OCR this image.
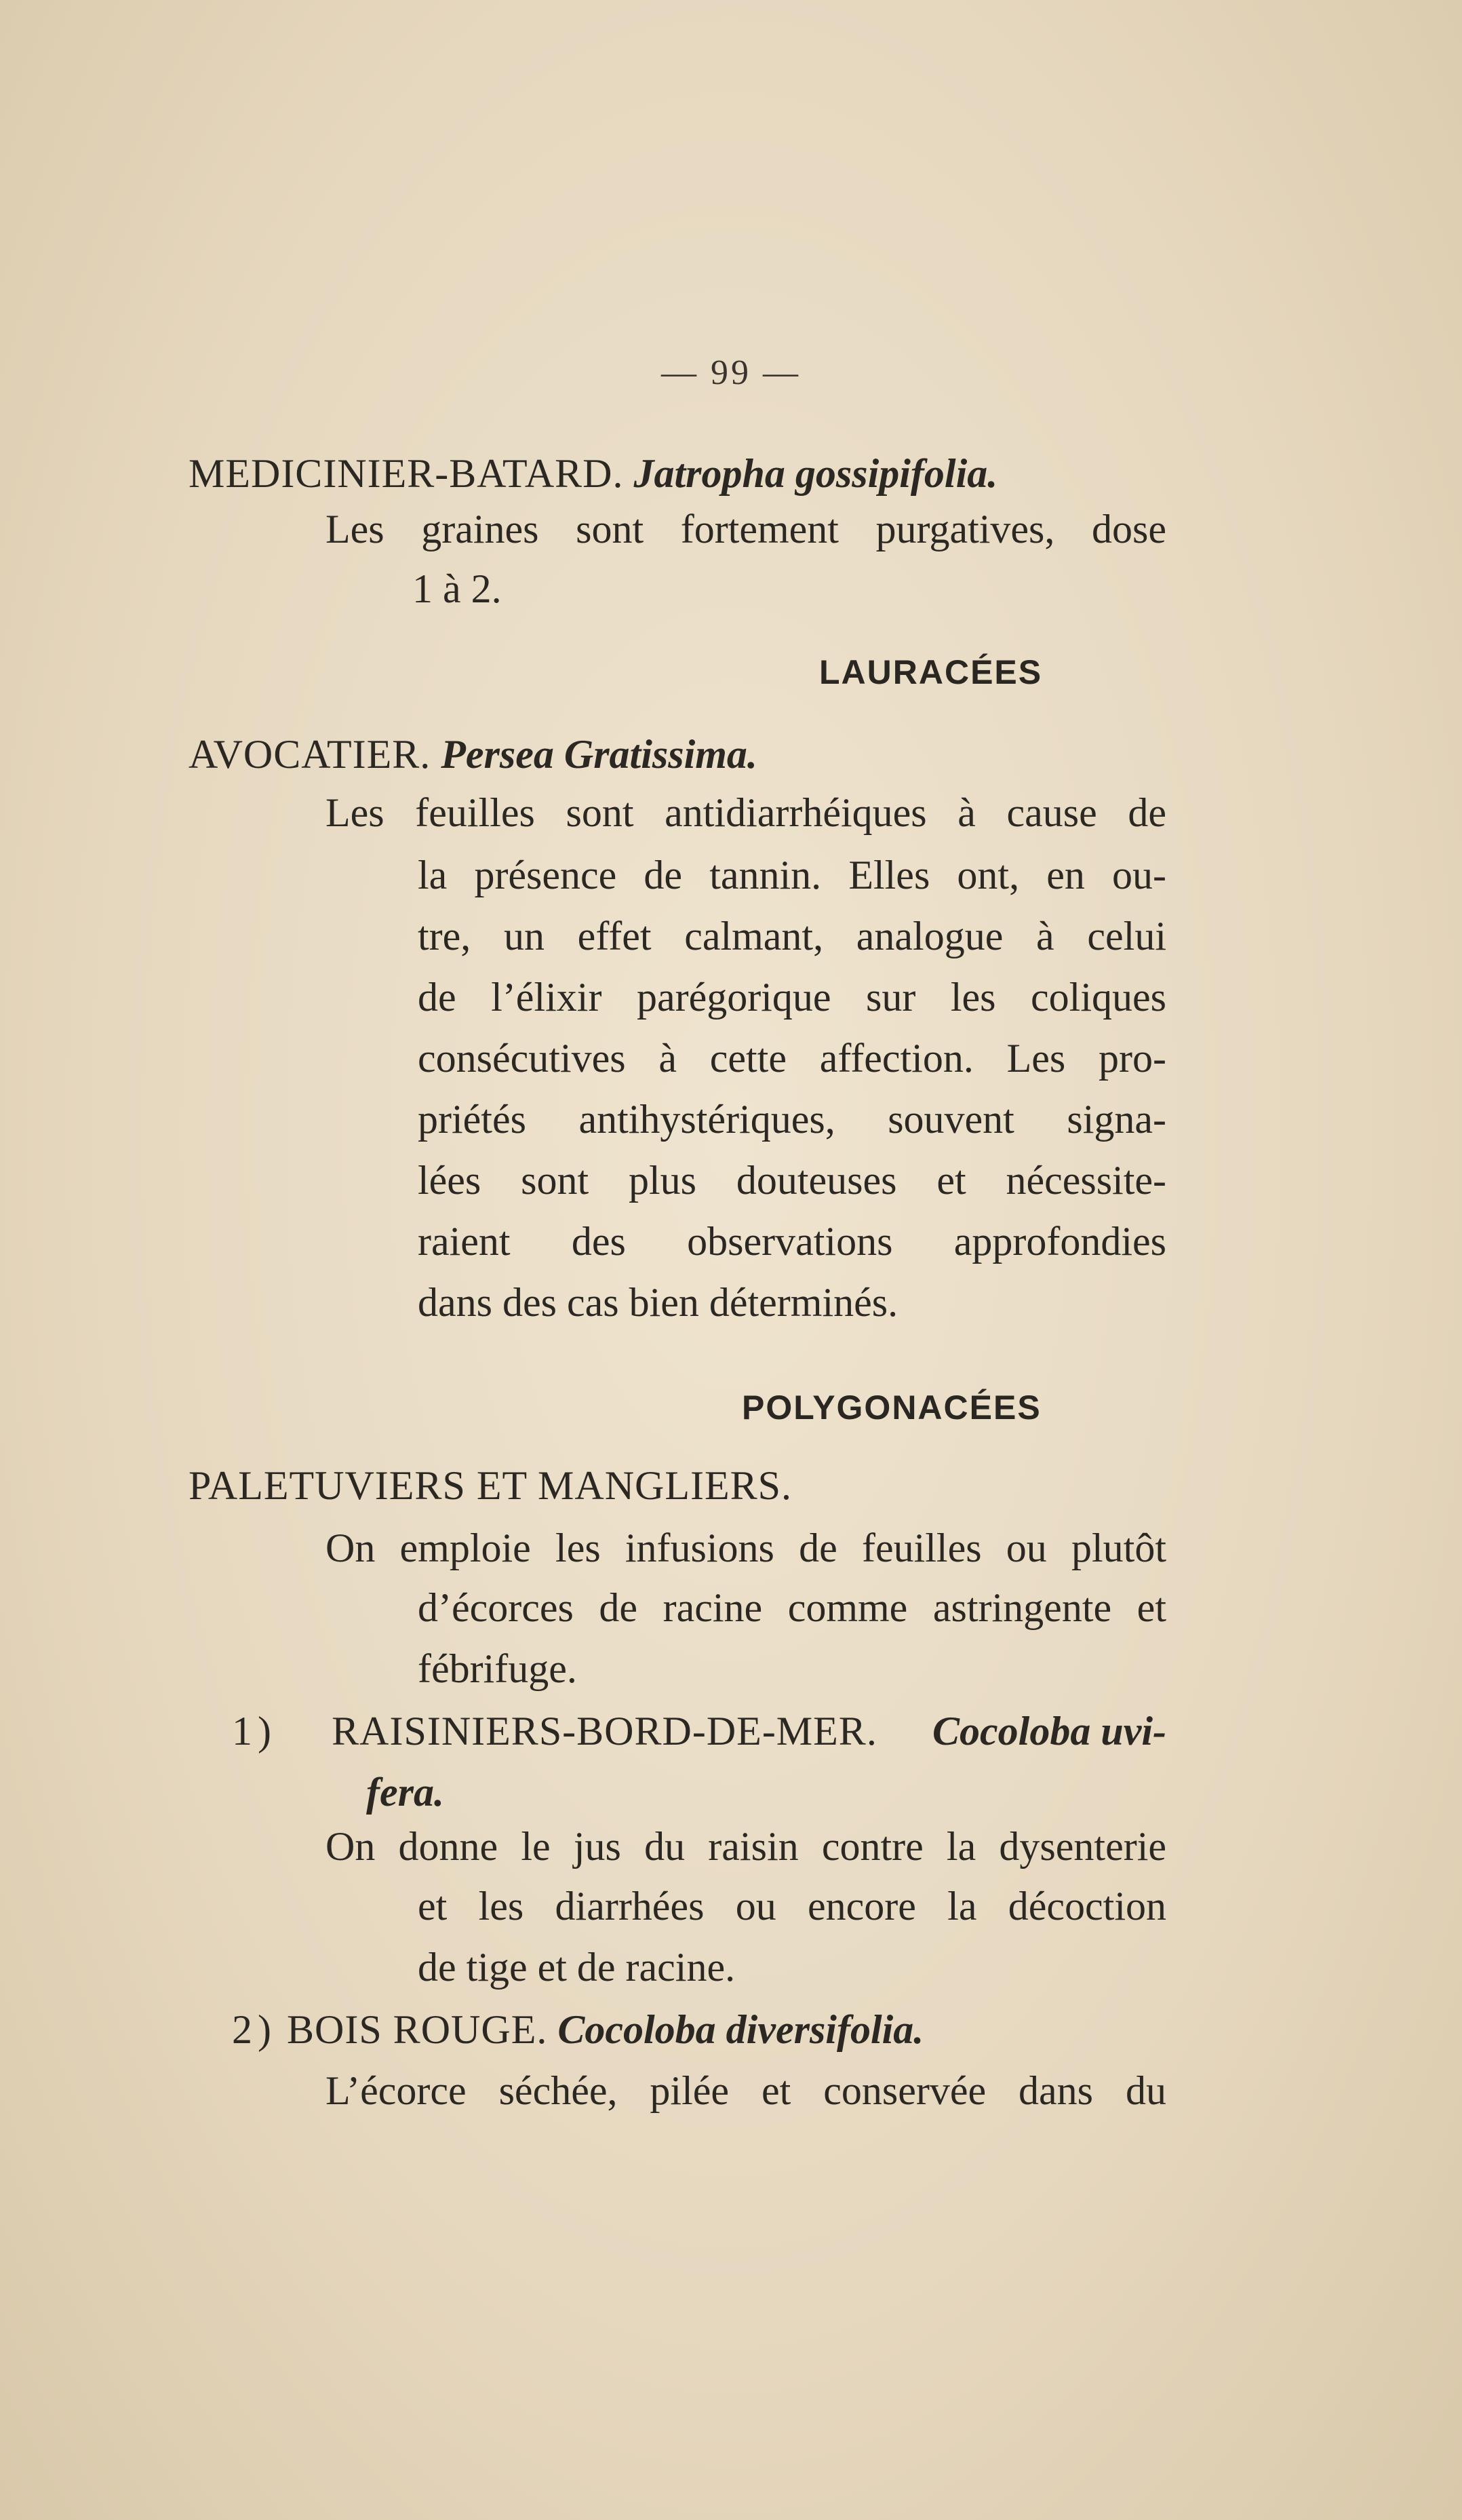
— 99 —
MEDICINIER-BATARD. Jatropha gossipifolia.
Les graines sont fortement purgatives, dose
1 à 2.
LAURACÉES
AVOCATIER. Persea Gratissima.
Les feuilles sont antidiarrhéiques à cause de
la présence de tannin. Elles ont, en ou-
tre, un effet calmant, analogue à celui
de l’élixir parégorique sur les coliques
consécutives à cette affection. Les pro-
priétés antihystériques, souvent signa-
lées sont plus douteuses et nécessite-
raient des observations approfondies
dans des cas bien déterminés.
POLYGONACÉES
PALETUVIERS ET MANGLIERS.
On emploie les infusions de feuilles ou plutôt
d’écorces de racine comme astringente et
fébrifuge.
1) RAISINIERS-BORD-DE-MER. Cocoloba uvi-
fera.
On donne le jus du raisin contre la dysenterie
et les diarrhées ou encore la décoction
de tige et de racine.
2) BOIS ROUGE. Cocoloba diversifolia.
L’écorce séchée, pilée et conservée dans du
